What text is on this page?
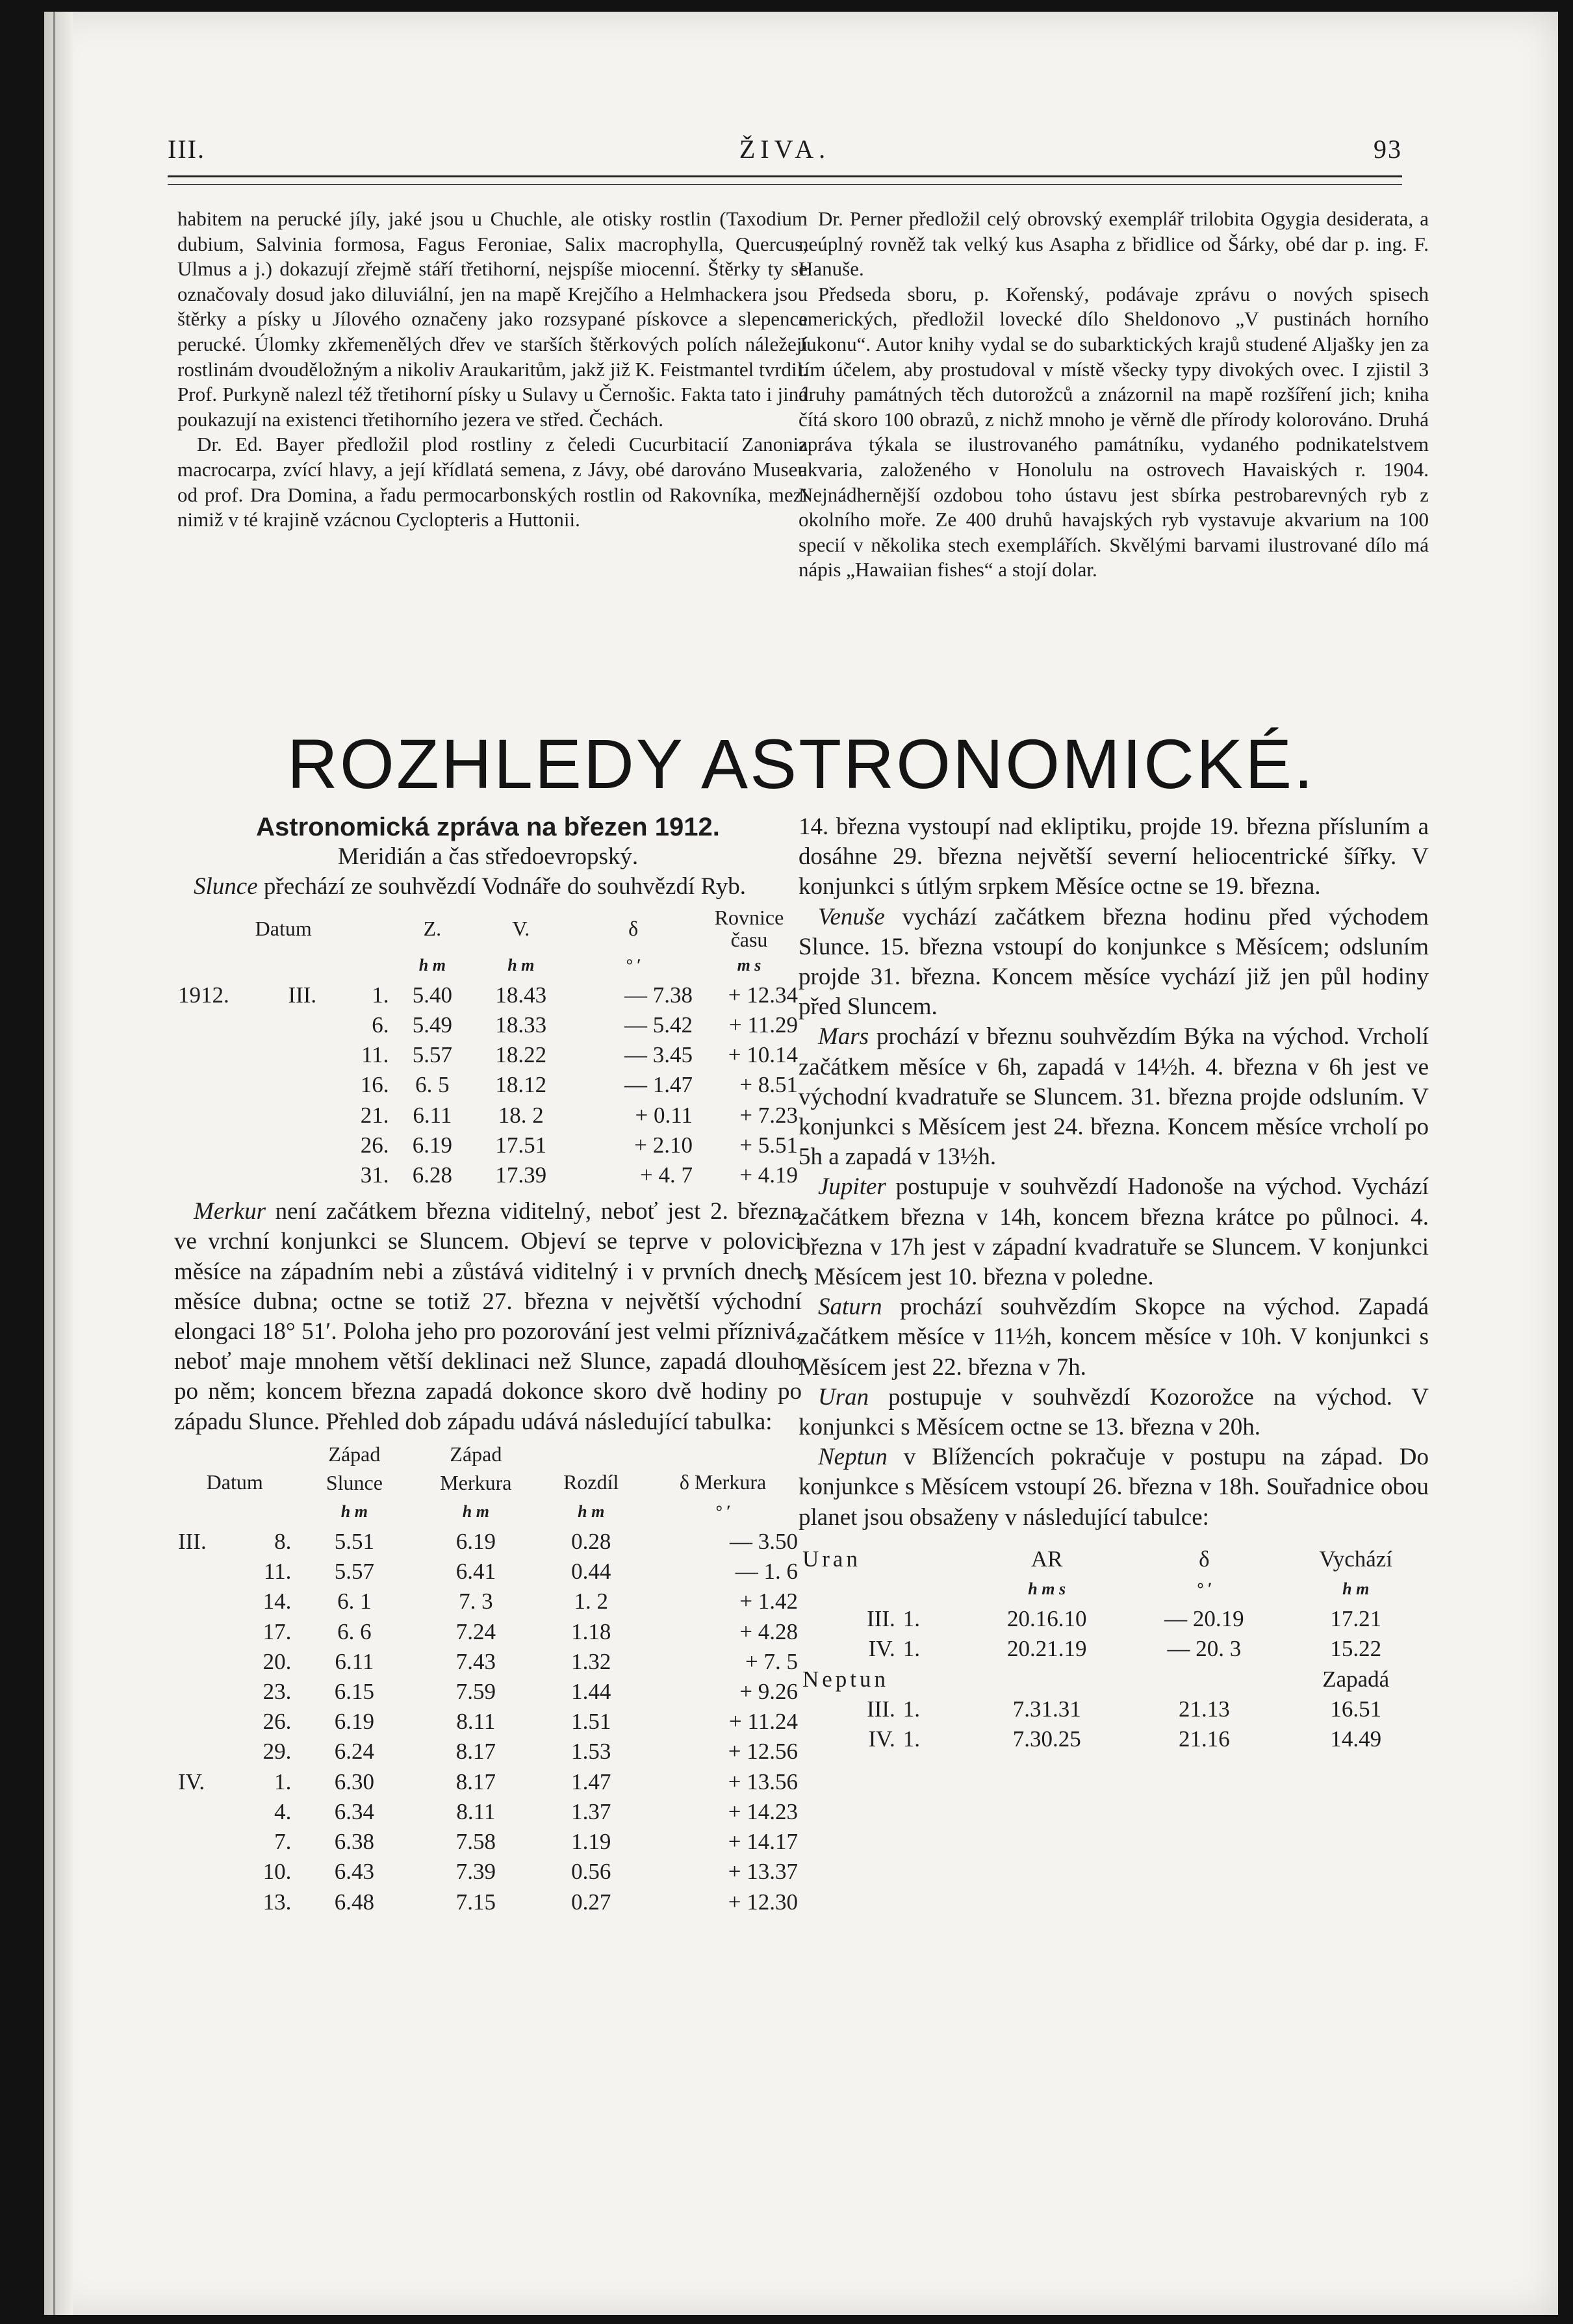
III.	ŽIVA.	93

habitem na perucké jíly, jaké jsou u Chuchle, ale otisky rostlin (Taxodium dubium, Salvinia formosa, Fagus Feroniae, Salix macrophylla, Quercus, Ulmus a j.) dokazují zřejmě stáří třetihorní, nejspíše miocenní. Štěrky ty se označovaly dosud jako diluviální, jen na mapě Krejčího a Helmhackera jsou štěrky a písky u Jílového označeny jako rozsypané pískovce a slepence perucké. Úlomky zkřemenělých dřev ve starších štěrkových polích náležejí rostlinám dvouděložným a nikoliv Araukaritům, jakž již K. Feistmantel tvrdil. Prof. Purkyně nalezl též třetihorní písky u Sulavy u Černošic. Fakta tato i jiná poukazují na existenci třetihorního jezera ve střed. Čechách.

Dr. Ed. Bayer předložil plod rostliny z čeledi Cucurbitacií Zanonia macrocarpa, zvící hlavy, a její křídlatá semena, z Jávy, obé darováno Museu od prof. Dra Domina, a řadu permocarbonských rostlin od Rakovníka, mezi nimiž v té krajině vzácnou Cyclopteris a Huttonii.

Dr. Perner předložil celý obrovský exemplář trilobita Ogygia desiderata, a neúplný rovněž tak velký kus Asapha z břidlice od Šárky, obé dar p. ing. F. Hanuše.

Předseda sboru, p. Kořenský, podávaje zprávu o nových spisech amerických, předložil lovecké dílo Sheldonovo „V pustinách horního Jukonu“. Autor knihy vydal se do subarktických krajů studené Aljašky jen za tím účelem, aby prostudoval v místě všecky typy divokých ovec. I zjistil 3 druhy památných těch dutorožců a znázornil na mapě rozšíření jich; kniha čítá skoro 100 obrazů, z nichž mnoho je věrně dle přírody kolorováno. Druhá zpráva týkala se ilustrovaného památníku, vydaného podnikatelstvem akvaria, založeného v Honolulu na ostrovech Havaiských r. 1904. Nejnádhernější ozdobou toho ústavu jest sbírka pestrobarevných ryb z okolního moře. Ze 400 druhů havajských ryb vystavuje akvarium na 100 specií v několika stech exemplářích. Skvělými barvami ilustrované dílo má nápis „Hawaiian fishes“ a stojí dolar.

ROZHLEDY ASTRONOMICKÉ.

Astronomická zpráva na březen 1912.

Meridián a čas středoevropský.

Slunce přechází ze souhvězdí Vodnáře do souhvězdí Ryb.

Datum			Z.	V.	δ	Rovnice času
			h m	h m	° ′	m s
1912.	III.	1.	5.40	18.43	— 7.38	+ 12.34
		6.	5.49	18.33	— 5.42	+ 11.29
		11.	5.57	18.22	— 3.45	+ 10.14
		16.	6. 5	18.12	— 1.47	+ 8.51
		21.	6.11	18. 2	+ 0.11	+ 7.23
		26.	6.19	17.51	+ 2.10	+ 5.51
		31.	6.28	17.39	+ 4. 7	+ 4.19

Merkur není začátkem března viditelný, neboť jest 2. března ve vrchní konjunkci se Sluncem. Objeví se teprve v polovici měsíce na západním nebi a zůstává viditelný i v prvních dnech měsíce dubna; octne se totiž 27. března v největší východní elongaci 18° 51′. Poloha jeho pro pozorování jest velmi příznivá, neboť maje mnohem větší deklinaci než Slunce, zapadá dlouho po něm; koncem března zapadá dokonce skoro dvě hodiny po západu Slunce. Přehled dob západu udává následující tabulka:

Datum		Západ Slunce	Západ Merkura	Rozdíl	δ Merkura
		h m	h m	h m	° ′
III.	8.	5.51	6.19	0.28	— 3.50
	11.	5.57	6.41	0.44	— 1. 6
	14.	6. 1	7. 3	1. 2	+ 1.42
	17.	6. 6	7.24	1.18	+ 4.28
	20.	6.11	7.43	1.32	+ 7. 5
	23.	6.15	7.59	1.44	+ 9.26
	26.	6.19	8.11	1.51	+ 11.24
	29.	6.24	8.17	1.53	+ 12.56
IV.	1.	6.30	8.17	1.47	+ 13.56
	4.	6.34	8.11	1.37	+ 14.23
	7.	6.38	7.58	1.19	+ 14.17
	10.	6.43	7.39	0.56	+ 13.37
	13.	6.48	7.15	0.27	+ 12.30

14. března vystoupí nad ekliptiku, projde 19. března přísluním a dosáhne 29. března největší severní heliocentrické šířky. V konjunkci s útlým srpkem Měsíce octne se 19. března.

Venuše vychází začátkem března hodinu před východem Slunce. 15. března vstoupí do konjunkce s Měsícem; odsluním projde 31. března. Koncem měsíce vychází již jen půl hodiny před Sluncem.

Mars prochází v březnu souhvězdím Býka na východ. Vrcholí začátkem měsíce v 6h, zapadá v 14½h. 4. března v 6h jest ve východní kvadratuře se Sluncem. 31. března projde odsluním. V konjunkci s Měsícem jest 24. března. Koncem měsíce vrcholí po 5h a zapadá v 13½h.

Jupiter postupuje v souhvězdí Hadonoše na východ. Vychází začátkem března v 14h, koncem března krátce po půlnoci. 4. března v 17h jest v západní kvadratuře se Sluncem. V konjunkci s Měsícem jest 10. března v poledne.

Saturn prochází souhvězdím Skopce na východ. Zapadá začátkem měsíce v 11½h, koncem měsíce v 10h. V konjunkci s Měsícem jest 22. března v 7h.

Uran postupuje v souhvězdí Kozorožce na východ. V konjunkci s Měsícem octne se 13. března v 20h.

Neptun v Blížencích pokračuje v postupu na západ. Do konjunkce s Měsícem vstoupí 26. března v 18h. Souřadnice obou planet jsou obsaženy v následující tabulce:

Uran		AR	δ	Vychází
		h m s	° ′	h m
III.	1.	20.16.10	— 20.19	17.21
IV.	1.	20.21.19	— 20. 3	15.22
Neptun				Zapadá
III.	1.	7.31.31	21.13	16.51
IV.	1.	7.30.25	21.16	14.49
